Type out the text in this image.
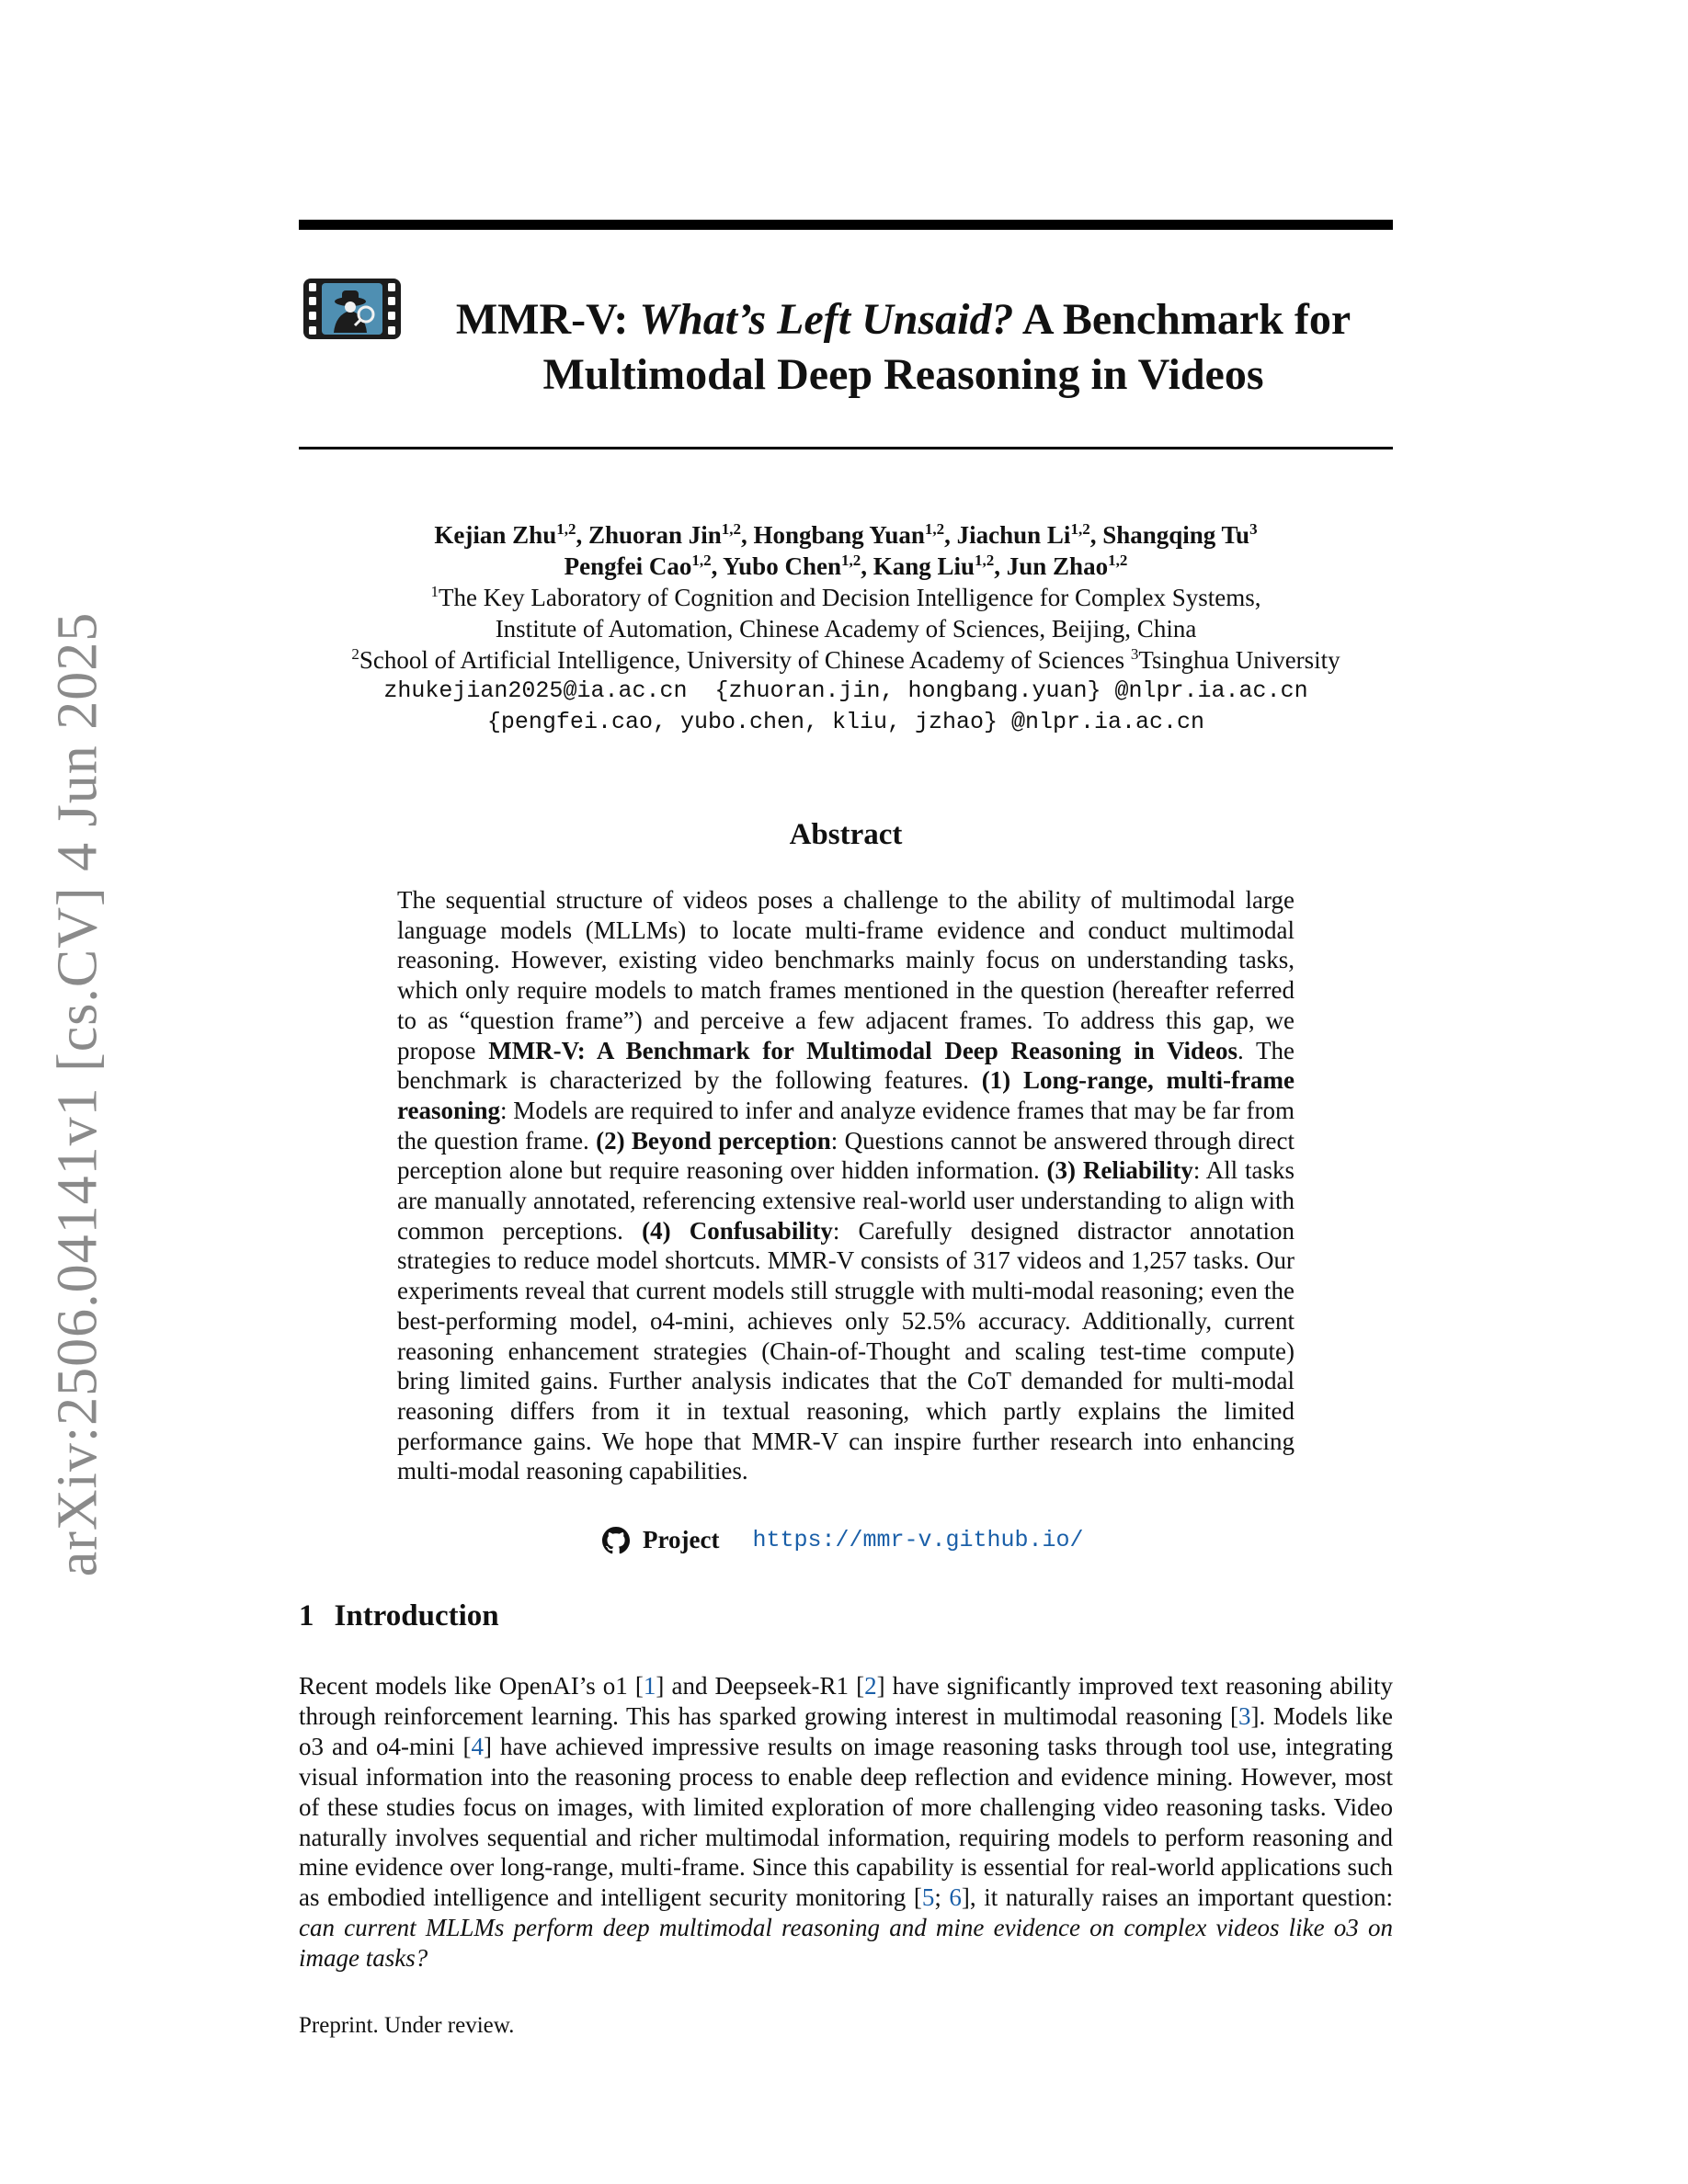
arXiv:2506.04141v1 [cs.CV] 4 Jun 2025
MMR-V: What’s Left Unsaid? A Benchmark for
Multimodal Deep Reasoning in Videos
Kejian Zhu$^{1,2}$, Zhuoran Jin$^{1,2}$, Hongbang Yuan$^{1,2}$, Jiachun Li$^{1,2}$, Shangqing Tu$^3$
Pengfei Cao$^{1,2}$, Yubo Chen$^{1,2}$, Kang Liu$^{1,2}$, Jun Zhao$^{1,2}$
$^1$The Key Laboratory of Cognition and Decision Intelligence for Complex Systems,
Institute of Automation, Chinese Academy of Sciences, Beijing, China
$^2$School of Artificial Intelligence, University of Chinese Academy of Sciences $^3$Tsinghua University
zhukejian2025@ia.ac.cn  {zhuoran.jin, hongbang.yuan} @nlpr.ia.ac.cn
{pengfei.cao, yubo.chen, kliu, jzhao} @nlpr.ia.ac.cn
Abstract
The sequential structure of videos poses a challenge to the ability of multimodal large language models (MLLMs) to locate multi-frame evidence and conduct multimodal reasoning. However, existing video benchmarks mainly focus on understanding tasks, which only require models to match frames mentioned in the question (hereafter referred to as “question frame”) and perceive a few adjacent frames. To address this gap, we propose MMR-V: A Benchmark for Multimodal Deep Reasoning in Videos. The benchmark is characterized by the following features. (1) Long-range, multi-frame reasoning: Models are required to infer and analyze evidence frames that may be far from the question frame. (2) Beyond perception: Questions cannot be answered through direct perception alone but require reasoning over hidden information. (3) Reliability: All tasks are manually annotated, referencing extensive real-world user understanding to align with common perceptions. (4) Confusability: Carefully designed distractor annotation strategies to reduce model shortcuts. MMR-V consists of 317 videos and 1,257 tasks. Our experiments reveal that current models still struggle with multi-modal reasoning; even the best-performing model, o4-mini, achieves only 52.5% accuracy. Additionally, current reasoning enhancement strategies (Chain-of-Thought and scaling test-time compute) bring limited gains. Further analysis indicates that the CoT demanded for multi-modal reasoning differs from it in textual reasoning, which partly explains the limited performance gains. We hope that MMR-V can inspire further research into enhancing multi-modal reasoning capabilities.
Project https://mmr-v.github.io/
1 Introduction
Recent models like OpenAI’s o1 [1] and Deepseek-R1 [2] have significantly improved text reasoning ability through reinforcement learning. This has sparked growing interest in multimodal reasoning [3]. Models like o3 and o4-mini [4] have achieved impressive results on image reasoning tasks through tool use, integrating visual information into the reasoning process to enable deep reflection and evidence mining. However, most of these studies focus on images, with limited exploration of more challenging video reasoning tasks. Video naturally involves sequential and richer multimodal information, requiring models to perform reasoning and mine evidence over long-range, multi-frame. Since this capability is essential for real-world applications such as embodied intelligence and intelligent security monitoring [5; 6], it naturally raises an important question: can current MLLMs perform deep multimodal reasoning and mine evidence on complex videos like o3 on image tasks?
Preprint. Under review.
